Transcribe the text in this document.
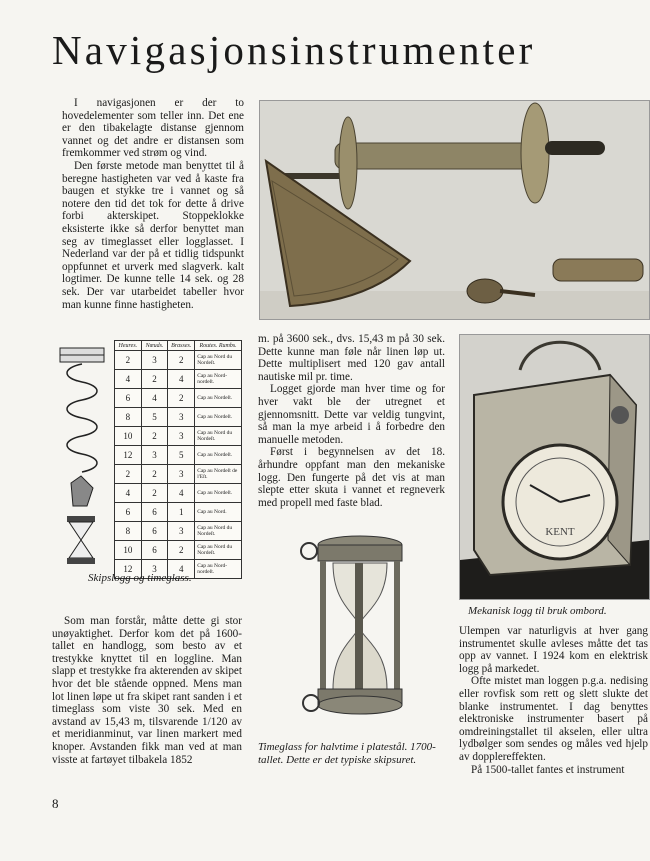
Navigasjonsinstrumenter

I navigasjonen er der to hovedelementer som teller inn. Det ene er den tibakelagte distanse gjennom vannet og det andre er distansen som fremkommer ved strøm og vind.

Den første metode man benyttet til å beregne hastigheten var ved å kaste fra baugen et stykke tre i vannet og så notere den tid det tok for dette å drive forbi akterskipet. Stoppeklokke eksisterte ikke så derfor benyttet man seg av timeglasset eller logglasset. I Nederland var der på et tidlig tidspunkt oppfunnet et urverk med slagverk. kalt logtimer. De kunne telle 14 sek. og 28 sek. Der var utarbeidet tabeller hvor man kunne finne hastigheten.

Heures.	Nœuds.	Brasses.	Routes. Rumbs.
2	3	2	Cap au Nord du Nordeſt.
4	2	4	Cap au Nord-nordeſt.
6	4	2	Cap au Nordeſt.
8	5	3	Cap au Nordeſt.
10	2	3	Cap au Nord du Nordeſt.
12	3	5	Cap au Nordeſt.
2	2	3	Cap au Nordeſt de l'Eſt.
4	2	4	Cap au Nordeſt.
6	6	1	Cap au Nord.
8	6	3	Cap au Nord du Nordeſt.
10	6	2	Cap au Nord du Nordeſt.
12	3	4	Cap au Nord-nordeſt.
Skipslogg og timeglass.

Som man forstår, måtte dette gi stor unøyaktighet. Derfor kom det på 1600-tallet en handlogg, som besto av et trestykke knyttet til en loggline. Man slapp et trestykke fra akterenden av skipet hvor det ble stående oppned. Mens man lot linen løpe ut fra skipet rant sanden i et timeglass som viste 30 sek. Med en avstand av 15,43 m, tilsvarende 1/120 av et meridianminut, var linen markert med knoper. Avstanden fikk man ved at man visste at fartøyet tilbakela 1852

m. på 3600 sek., dvs. 15,43 m på 30 sek. Dette kunne man føle når linen løp ut. Dette multiplisert med 120 gav antall nautiske mil pr. time.

Logget gjorde man hver time og for hver vakt ble der utregnet et gjennomsnitt. Dette var veldig tungvint, så man la mye arbeid i å forbedre den manuelle metoden.

Først i begynnelsen av det 18. århundre oppfant man den mekaniske logg. Den fungerte på det vis at man slepte etter skuta i vannet et regneverk med propell med faste blad.

Timeglass for halvtime i platestål. 1700-tallet. Dette er det typiske skipsuret.
KENT
Mekanisk logg til bruk ombord.

Ulempen var naturligvis at hver gang instrumentet skulle avleses måtte det tas opp av vannet. I 1924 kom en elektrisk logg på markedet.

Ofte mistet man loggen p.g.a. nedising eller rovfisk som rett og slett slukte det blanke instrumentet. I dag benyttes elektroniske instrumenter basert på omdreiningstallet til akselen, eller ultra lydbølger som sendes og måles ved hjelp av dopplereffekten.

På 1500-tallet fantes et instrument

8
